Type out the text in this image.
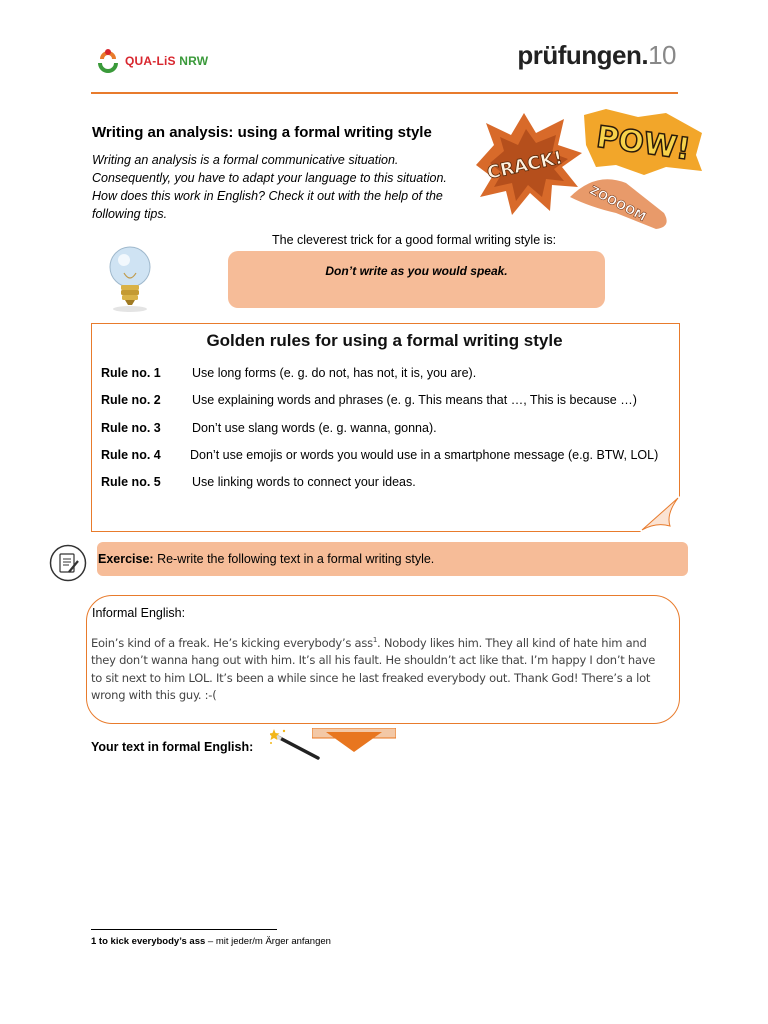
QUA-LiS NRW	prüfungen.10
Writing an analysis: using a formal writing style
Writing an analysis is a formal communicative situation. Consequently, you have to adapt your language to this situation. How does this work in English? Check it out with the help of the following tips.
CRACK! POW!
ZOOOOM
The cleverest trick for a good formal writing style is:
Don’t write as you would speak.
Golden rules for using a formal writing style
Rule no. 1	Use long forms (e. g. do not, has not, it is, you are).
Rule no. 2	Use explaining words and phrases (e. g. This means that …, This is because …)
Rule no. 3	Don’t use slang words (e. g. wanna, gonna).
Rule no. 4 Don’t use emojis or words you would use in a smartphone message (e.g. BTW, LOL)
Rule no. 5	Use linking words to connect your ideas.
Exercise: Re-write the following text in a formal writing style.
Informal English:
Eoin’s kind of a freak. He’s kicking everybody’s ass$^1$. Nobody likes him. They all kind of hate him and they don’t wanna hang out with him. It’s all his fault. He shouldn’t act like that. I’m happy I don’t have to sit next to him LOL. It’s been a while since he last freaked everybody out. Thank God! There’s a lot wrong with this guy. :-(
Your text in formal English:
1 to kick everybody’s ass – mit jeder/m Ärger anfangen
